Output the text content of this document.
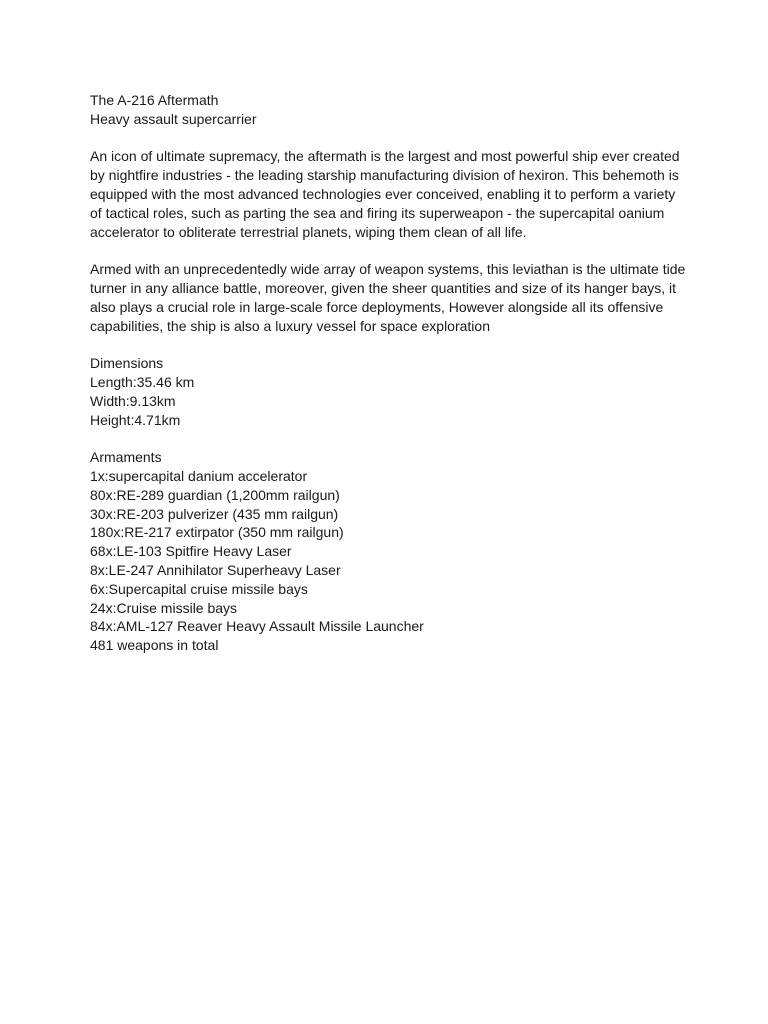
The A-216 Aftermath
Heavy assault supercarrier
An icon of ultimate supremacy, the aftermath is the largest and most powerful ship ever created
by nightfire industries - the leading starship manufacturing division of hexiron. This behemoth is
equipped with the most advanced technologies ever conceived, enabling it to perform a variety
of tactical roles, such as parting the sea and firing its superweapon - the supercapital oanium
accelerator to obliterate terrestrial planets, wiping them clean of all life.
Armed with an unprecedentedly wide array of weapon systems, this leviathan is the ultimate tide
turner in any alliance battle, moreover, given the sheer quantities and size of its hanger bays, it
also plays a crucial role in large-scale force deployments, However alongside all its offensive
capabilities, the ship is also a luxury vessel for space exploration
Dimensions
Length:35.46 km
Width:9.13km
Height:4.71km
Armaments
1x:supercapital danium accelerator
80x:RE-289 guardian (1,200mm railgun)
30x:RE-203 pulverizer (435 mm railgun)
180x:RE-217 extirpator (350 mm railgun)
68x:LE-103 Spitfire Heavy Laser
8x:LE-247 Annihilator Superheavy Laser
6x:Supercapital cruise missile bays
24x:Cruise missile bays
84x:AML-127 Reaver Heavy Assault Missile Launcher
481 weapons in total
